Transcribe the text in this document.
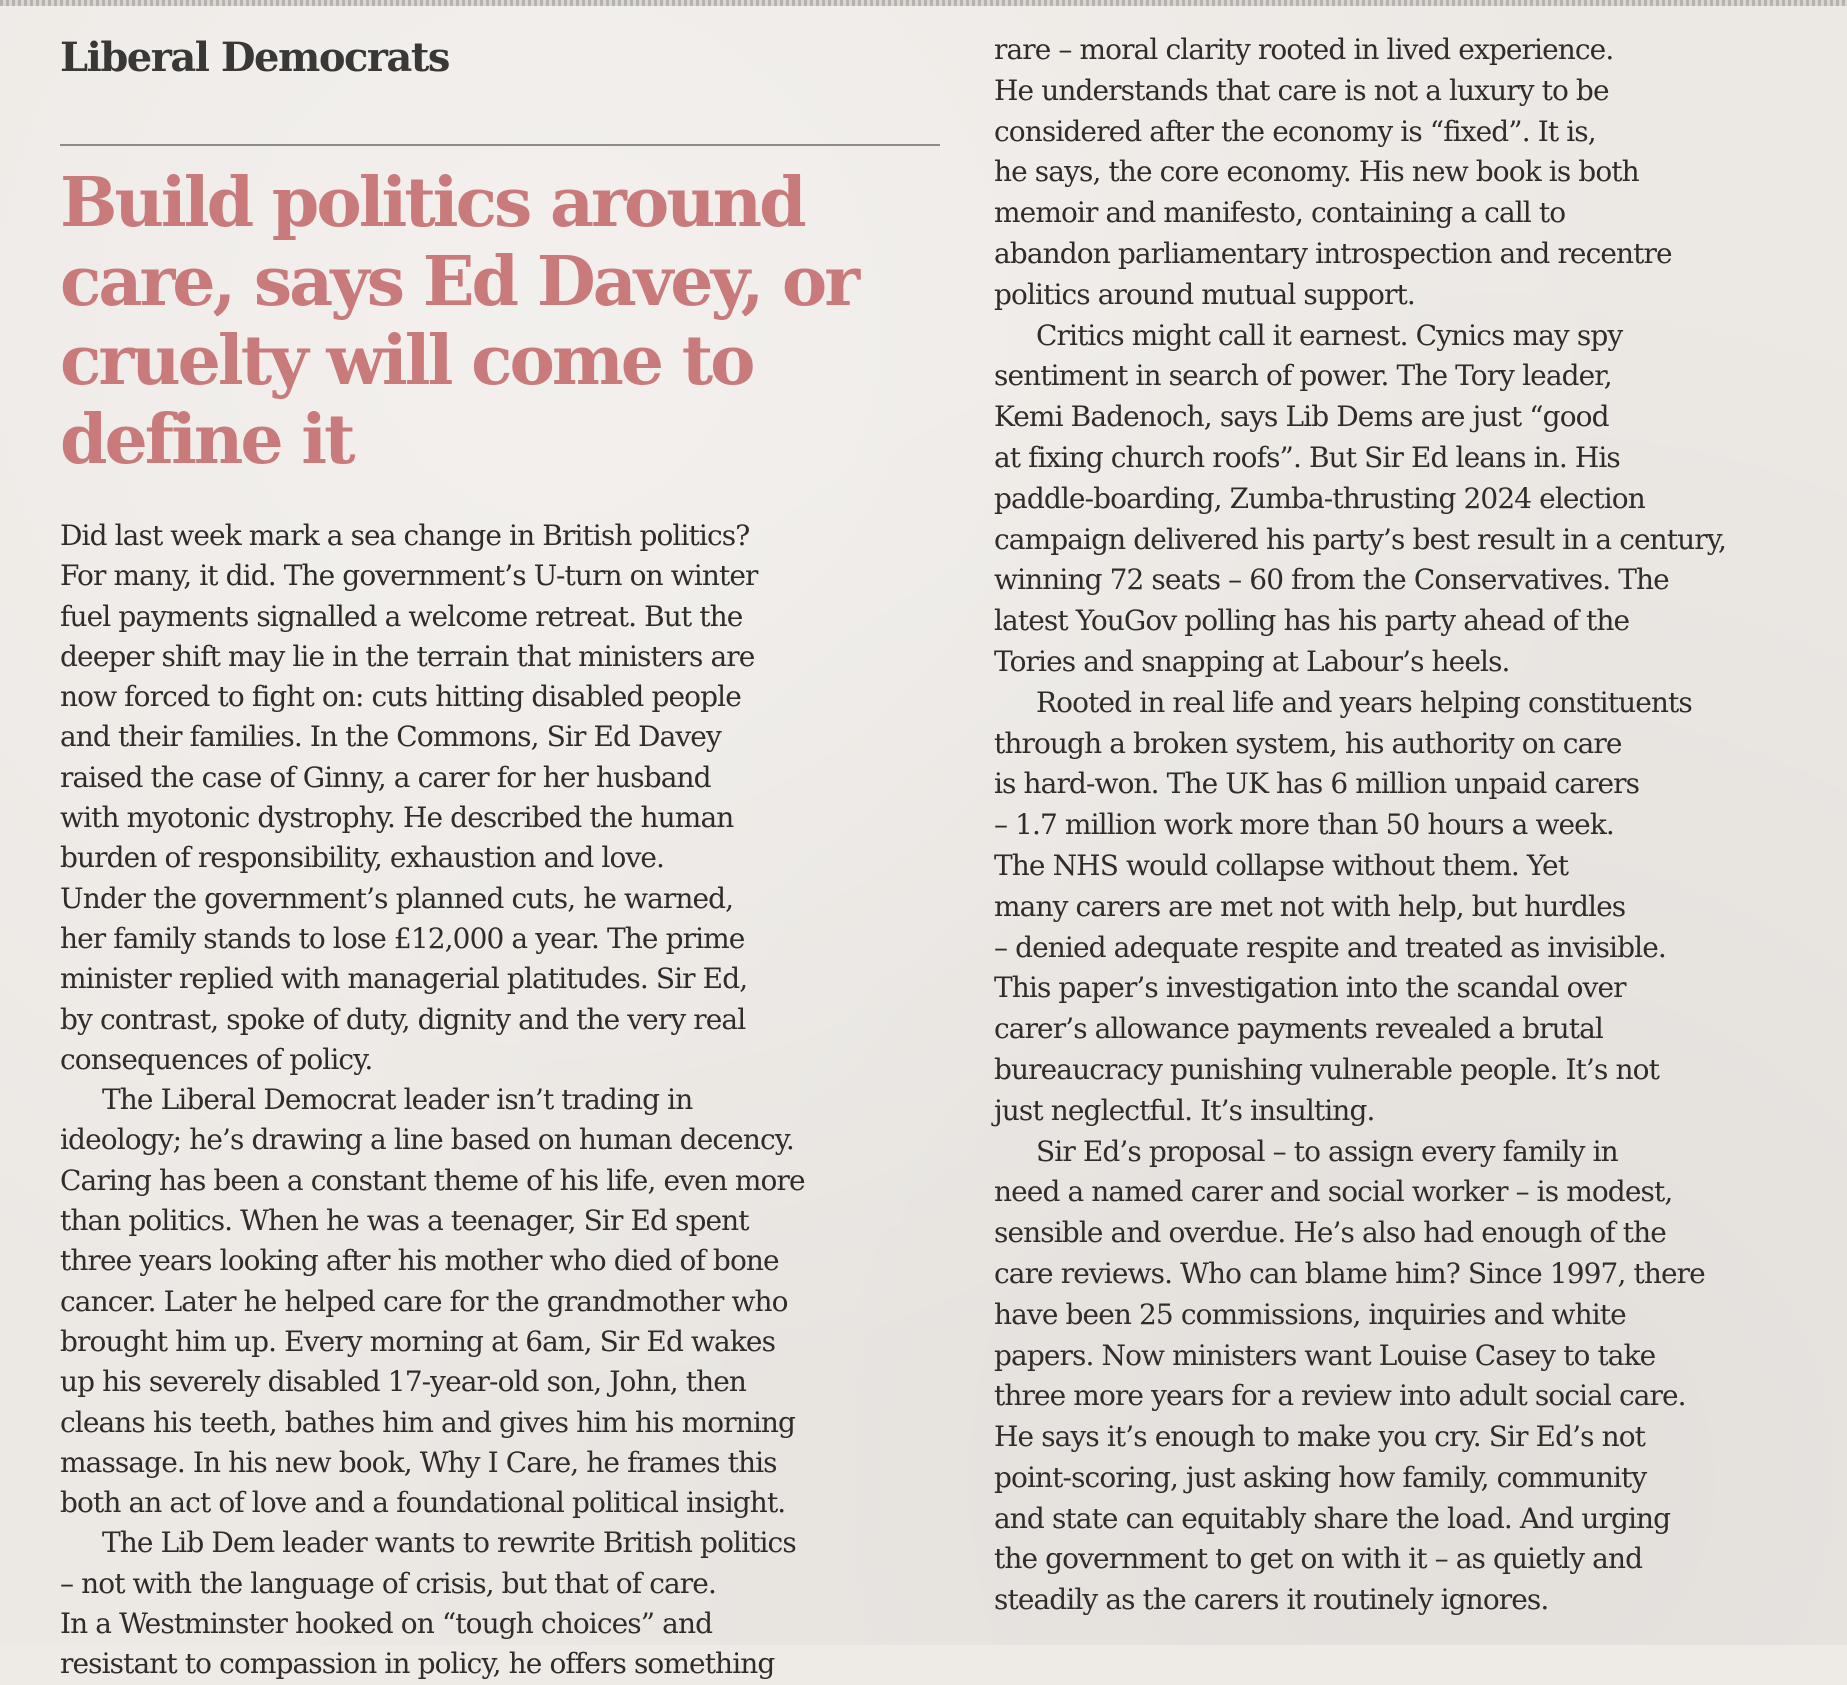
Liberal Democrats
Build politics around care, says Ed Davey, or cruelty will come to define it

Did last week mark a sea change in British politics?
For many, it did. The government’s U-turn on winter
fuel payments signalled a welcome retreat. But the
deeper shift may lie in the terrain that ministers are
now forced to fight on: cuts hitting disabled people
and their families. In the Commons, Sir Ed Davey
raised the case of Ginny, a carer for her husband
with myotonic dystrophy. He described the human
burden of responsibility, exhaustion and love.
Under the government’s planned cuts, he warned,
her family stands to lose £12,000 a year. The prime
minister replied with managerial platitudes. Sir Ed,
by contrast, spoke of duty, dignity and the very real
consequences of policy.

The Liberal Democrat leader isn’t trading in
ideology; he’s drawing a line based on human decency.
Caring has been a constant theme of his life, even more
than politics. When he was a teenager, Sir Ed spent
three years looking after his mother who died of bone
cancer. Later he helped care for the grandmother who
brought him up. Every morning at 6am, Sir Ed wakes
up his severely disabled 17-year-old son, John, then
cleans his teeth, bathes him and gives him his morning
massage. In his new book, Why I Care, he frames this
both an act of love and a foundational political insight.

The Lib Dem leader wants to rewrite British politics
– not with the language of crisis, but that of care.
In a Westminster hooked on “tough choices” and
resistant to compassion in policy, he offers something

rare – moral clarity rooted in lived experience.
He understands that care is not a luxury to be
considered after the economy is “fixed”. It is,
he says, the core economy. His new book is both
memoir and manifesto, containing a call to
abandon parliamentary introspection and recentre
politics around mutual support.

Critics might call it earnest. Cynics may spy
sentiment in search of power. The Tory leader,
Kemi Badenoch, says Lib Dems are just “good
at fixing church roofs”. But Sir Ed leans in. His
paddle-boarding, Zumba-thrusting 2024 election
campaign delivered his party’s best result in a century,
winning 72 seats – 60 from the Conservatives. The
latest YouGov polling has his party ahead of the
Tories and snapping at Labour’s heels.

Rooted in real life and years helping constituents
through a broken system, his authority on care
is hard-won. The UK has 6 million unpaid carers
– 1.7 million work more than 50 hours a week.
The NHS would collapse without them. Yet
many carers are met not with help, but hurdles
– denied adequate respite and treated as invisible.
This paper’s investigation into the scandal over
carer’s allowance payments revealed a brutal
bureaucracy punishing vulnerable people. It’s not
just neglectful. It’s insulting.

Sir Ed’s proposal – to assign every family in
need a named carer and social worker – is modest,
sensible and overdue. He’s also had enough of the
care reviews. Who can blame him? Since 1997, there
have been 25 commissions, inquiries and white
papers. Now ministers want Louise Casey to take
three more years for a review into adult social care.
He says it’s enough to make you cry. Sir Ed’s not
point-scoring, just asking how family, community
and state can equitably share the load. And urging
the government to get on with it – as quietly and
steadily as the carers it routinely ignores.
